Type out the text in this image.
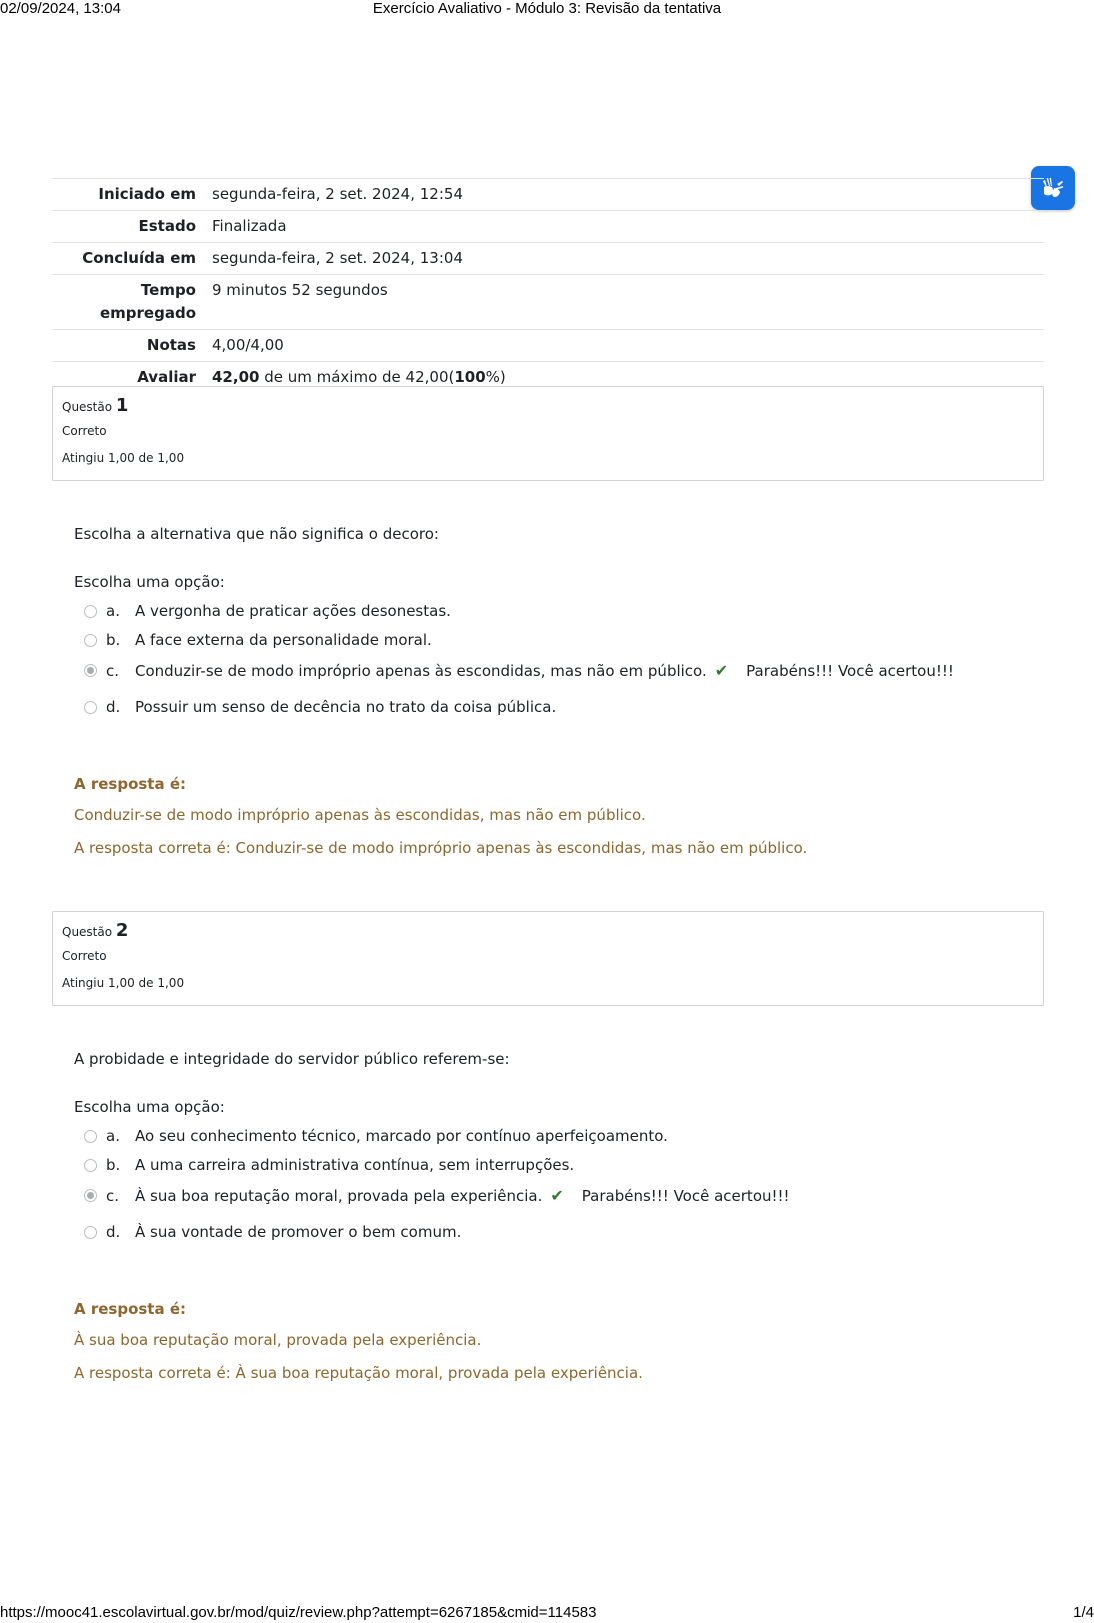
02/09/2024, 13:04	Exercício Avaliativo - Módulo 3: Revisão da tentativa
Iniciado em	segunda-feira, 2 set. 2024, 12:54
Estado	Finalizada
Concluída em	segunda-feira, 2 set. 2024, 13:04
Tempo empregado	9 minutos 52 segundos
Notas	4,00/4,00
Avaliar	42,00 de um máximo de 42,00(100%)
Questão 1
Correto
Atingiu 1,00 de 1,00
Escolha a alternativa que não significa o decoro:
Escolha uma opção:
a.	A vergonha de praticar ações desonestas.
b. A face externa da personalidade moral.
c.	Conduzir-se de modo impróprio apenas às escondidas, mas não em público. ✔ Parabéns!!! Você acertou!!!
d. Possuir um senso de decência no trato da coisa pública.
A resposta é:
Conduzir-se de modo impróprio apenas às escondidas, mas não em público.
A resposta correta é: Conduzir-se de modo impróprio apenas às escondidas, mas não em público.
Questão 2
Correto
Atingiu 1,00 de 1,00
A probidade e integridade do servidor público referem-se:
Escolha uma opção:
a.	Ao seu conhecimento técnico, marcado por contínuo aperfeiçoamento.
b. A uma carreira administrativa contínua, sem interrupções.
c.	À sua boa reputação moral, provada pela experiência. ✔ Parabéns!!! Você acertou!!!
d. À sua vontade de promover o bem comum.
A resposta é:
À sua boa reputação moral, provada pela experiência.
A resposta correta é: À sua boa reputação moral, provada pela experiência.
https://mooc41.escolavirtual.gov.br/mod/quiz/review.php?attempt=6267185&cmid=114583	1/4
